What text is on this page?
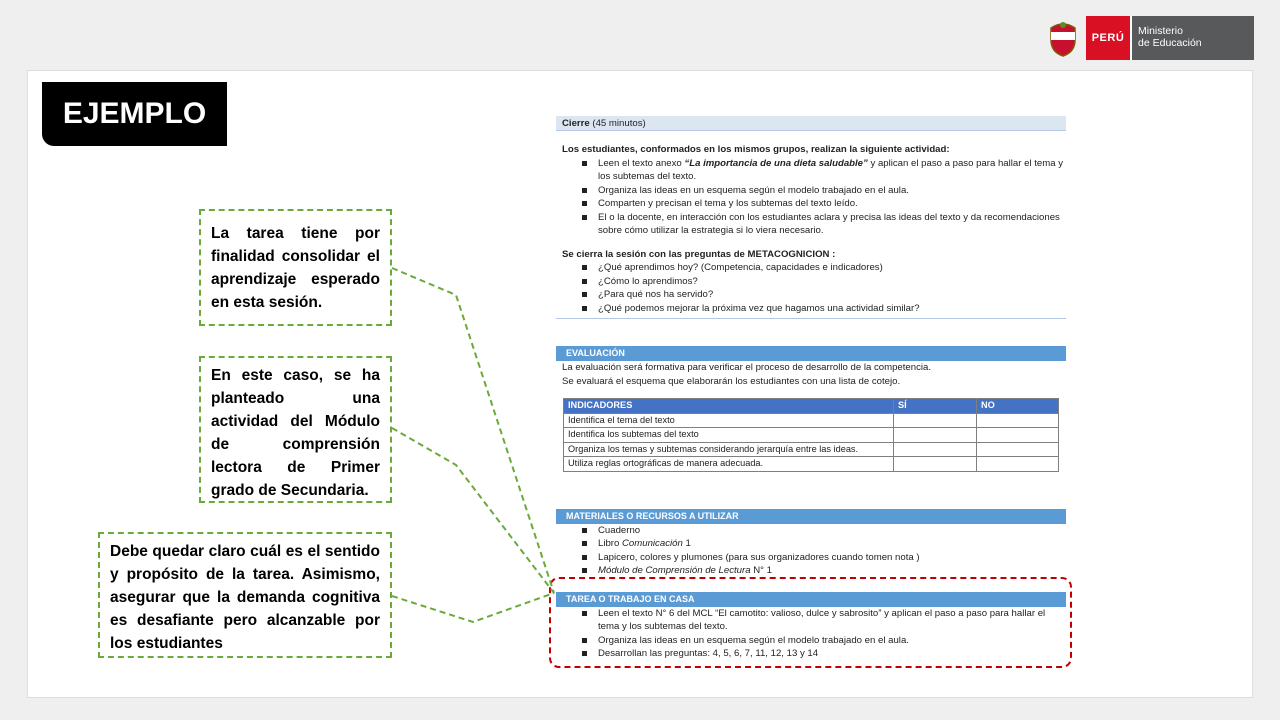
PERÚ
Ministerio
de Educación
EJEMPLO
La tarea tiene por finalidad consolidar el aprendizaje esperado en esta sesión.
En este caso, se ha planteado una actividad del Módulo de comprensión lectora de Primer grado de Secundaria.
Debe quedar claro cuál es el sentido y propósito de la tarea. Asimismo, asegurar que la demanda cognitiva es desafiante pero alcanzable por los estudiantes
Cierre (45 minutos)
Los estudiantes, conformados en los mismos grupos, realizan la siguiente actividad:
Leen el texto anexo “La importancia de una dieta saludable” y aplican el paso a paso para hallar el tema y los subtemas del texto.
Organiza las ideas en un esquema según el modelo trabajado en el aula.
Comparten y precisan el tema y los subtemas del texto leído.
El o la docente, en interacción con los estudiantes aclara y precisa las ideas del texto y da recomendaciones sobre cómo utilizar la estrategia si lo viera necesario.
Se cierra la sesión con las preguntas de METACOGNICION :
¿Qué aprendimos hoy? (Competencia, capacidades e indicadores)
¿Cómo lo aprendimos?
¿Para qué nos ha servido?
¿Qué podemos mejorar la próxima vez que hagamos una actividad similar?
EVALUACIÓN
La evaluación será formativa para verificar el proceso de desarrollo de la competencia.
Se evaluará el esquema que elaborarán los estudiantes con una lista de cotejo.
INDICADORES	SÍ	NO
Identifica el tema del texto		
Identifica los subtemas del texto		
Organiza los temas y subtemas considerando jerarquía entre las ideas.		
Utiliza reglas ortográficas de manera adecuada.		
MATERIALES O RECURSOS A UTILIZAR
Cuaderno
Libro Comunicación 1
Lapicero, colores y plumones (para sus organizadores cuando tomen nota )
Módulo de Comprensión de Lectura N° 1
TAREA O TRABAJO EN CASA
Leen el texto N° 6 del MCL “El camotito: valioso, dulce y sabrosito” y aplican el paso a paso para hallar el tema y los subtemas del texto.
Organiza las ideas en un esquema según el modelo trabajado en el aula.
Desarrollan las preguntas: 4, 5, 6, 7, 11, 12, 13 y 14
